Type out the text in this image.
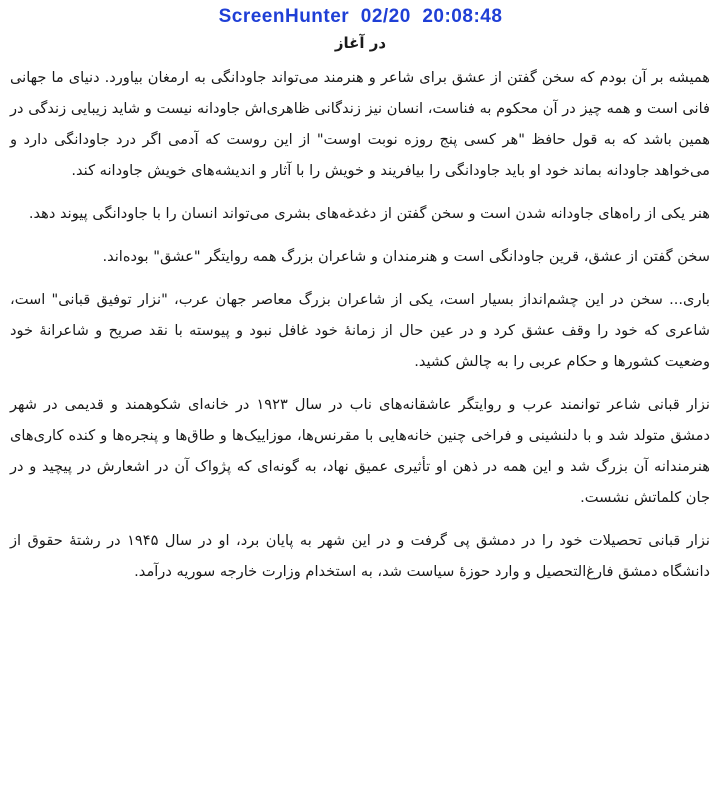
ScreenHunter  02/20  20:08:48
در آغاز

همیشه بر آن بودم که سخن گفتن از عشق برای شاعر و هنرمند می‌تواند جاودانگی به ارمغان بیاورد. دنیای ما جهانی فانی است و همه چیز در آن محکوم به فناست، انسان نیز زندگانی ظاهری‌اش جاودانه نیست و شاید زیبایی زندگی در همین باشد که به قول حافظ "هر کسی پنج روزه نوبت اوست" از این روست که آدمی اگر درد جاودانگی دارد و می‌خواهد جاودانه بماند خود او باید جاودانگی را بیافریند و خویش را با آثار و اندیشه‌های خویش جاودانه کند.

هنر یکی از راه‌های جاودانه شدن است و سخن گفتن از دغدغه‌های بشری می‌تواند انسان را با جاودانگی پیوند دهد.

سخن گفتن از عشق، قرین جاودانگی است و هنرمندان و شاعران بزرگ همه روایتگر "عشق" بوده‌اند.

باری... سخن در این چشم‌انداز بسیار است، یکی از شاعران بزرگ معاصر جهان عرب، "نزار توفیق قبانی" است، شاعری که خود را وقف عشق کرد و در عین حال از زمانهٔ خود غافل نبود و پیوسته با نقد صریح و شاعرانهٔ خود وضعیت کشورها و حکام عربی را به چالش کشید.

نزار قبانی شاعر توانمند عرب و روایتگر عاشقانه‌های ناب در سال ۱۹۲۳ در خانه‌ای شکوهمند و قدیمی در شهر دمشق متولد شد و با دلنشینی و فراخی چنین خانه‌هایی با مقرنس‌ها، موزاییک‌ها و طاق‌ها و پنجره‌ها و کنده کاری‌های هنرمندانه آن بزرگ شد و این همه در ذهن او تأثیری عمیق نهاد، به گونه‌ای که پژواک آن در اشعارش در پیچید و در جان کلماتش نشست.

نزار قبانی تحصیلات خود را در دمشق پی گرفت و در این شهر به پایان برد، او در سال ۱۹۴۵ در رشتهٔ حقوق از دانشگاه دمشق فارغ‌التحصیل و وارد حوزهٔ سیاست شد، به استخدام وزارت خارجه سوریه درآمد.
